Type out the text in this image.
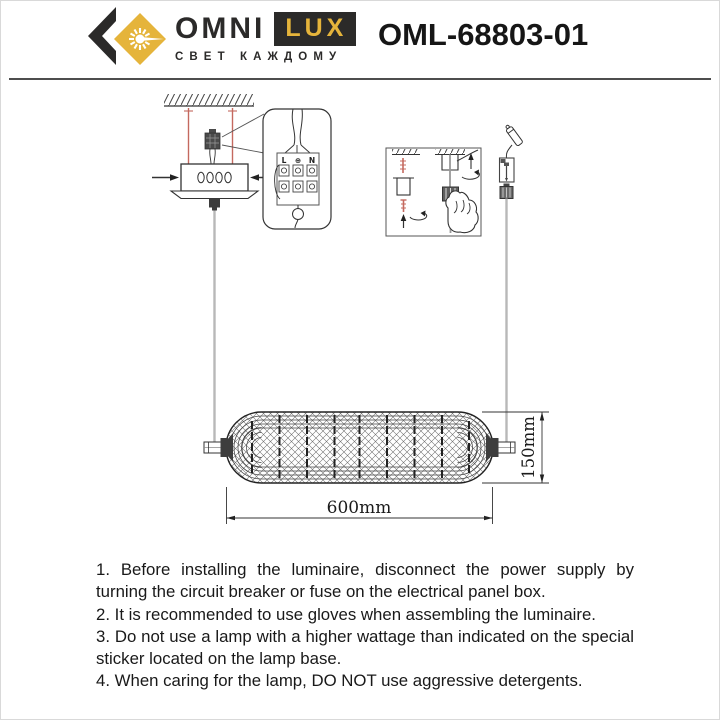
OMNI LUX
СВЕТ КАЖДОМУ
OML-68803-01
L ⊕ N
600mm
150mm

1. Before installing the luminaire, disconnect the power supply by turning the circuit breaker or fuse on the electrical panel box.

2. It is recommended to use gloves when assembling the luminaire.

3. Do not use a lamp with a higher wattage than indicated on the special sticker located on the lamp base.

4. When caring for the lamp, DO NOT use aggressive detergents.
